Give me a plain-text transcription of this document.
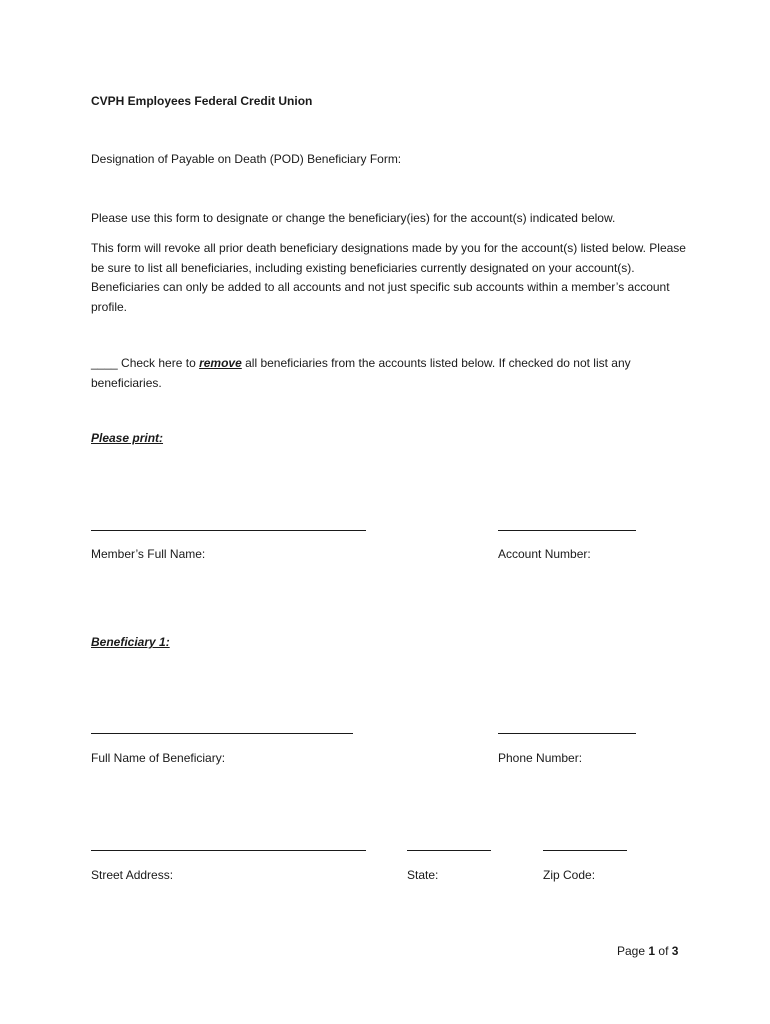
CVPH Employees Federal Credit Union
Designation of Payable on Death (POD) Beneficiary Form:
Please use this form to designate or change the beneficiary(ies) for the account(s) indicated below.
This form will revoke all prior death beneficiary designations made by you for the account(s) listed below. Please be sure to list all beneficiaries, including existing beneficiaries currently designated on your account(s). Beneficiaries can only be added to all accounts and not just specific sub accounts within a member’s account profile.
____ Check here to remove all beneficiaries from the accounts listed below. If checked do not list any beneficiaries.
Please print:
Member’s Full Name:	Account Number:
Beneficiary 1:
Full Name of Beneficiary:	Phone Number:
Street Address:	State:	Zip Code:
Page 1 of 3
